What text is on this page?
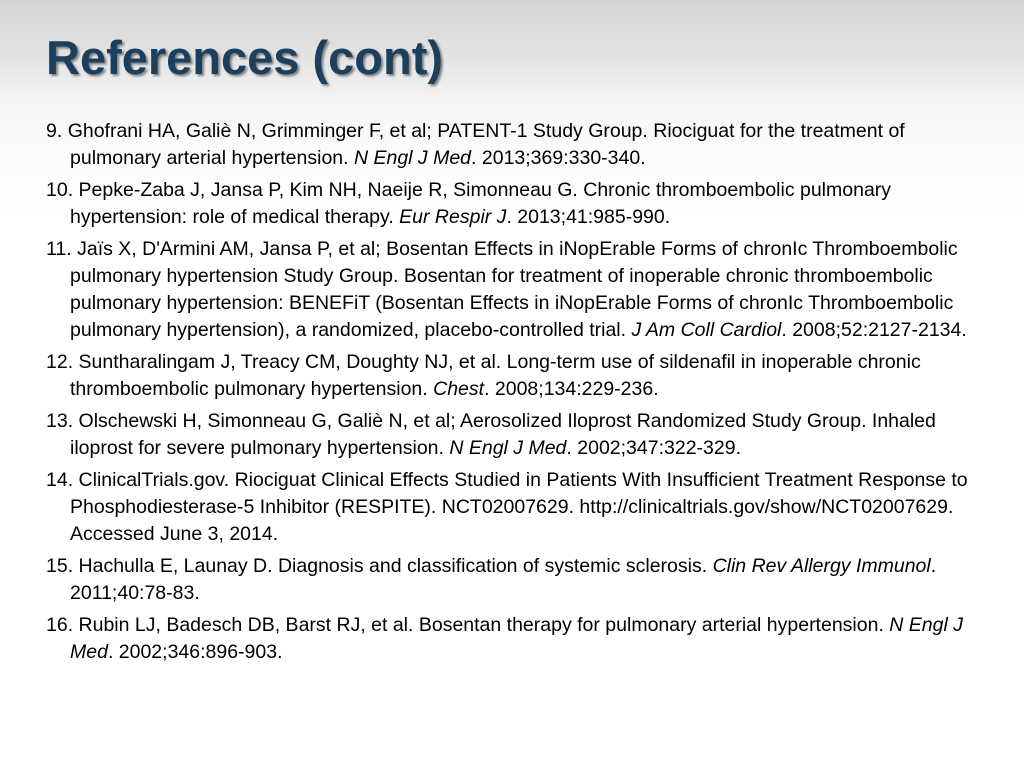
References (cont)
9. Ghofrani HA, Galiè N, Grimminger F, et al; PATENT-1 Study Group. Riociguat for the treatment of pulmonary arterial hypertension. N Engl J Med. 2013;369:330-340.
10. Pepke-Zaba J, Jansa P, Kim NH, Naeije R, Simonneau G. Chronic thromboembolic pulmonary hypertension: role of medical therapy. Eur Respir J. 2013;41:985-990.
11. Jaïs X, D'Armini AM, Jansa P, et al; Bosentan Effects in iNopErable Forms of chronIc Thromboembolic pulmonary hypertension Study Group. Bosentan for treatment of inoperable chronic thromboembolic pulmonary hypertension: BENEFiT (Bosentan Effects in iNopErable Forms of chronIc Thromboembolic pulmonary hypertension), a randomized, placebo-controlled trial. J Am Coll Cardiol. 2008;52:2127-2134.
12. Suntharalingam J, Treacy CM, Doughty NJ, et al. Long-term use of sildenafil in inoperable chronic thromboembolic pulmonary hypertension. Chest. 2008;134:229-236.
13. Olschewski H, Simonneau G, Galiè N, et al; Aerosolized Iloprost Randomized Study Group. Inhaled iloprost for severe pulmonary hypertension. N Engl J Med. 2002;347:322-329.
14. ClinicalTrials.gov. Riociguat Clinical Effects Studied in Patients With Insufficient Treatment Response to Phosphodiesterase-5 Inhibitor (RESPITE). NCT02007629. http://clinicaltrials.gov/show/NCT02007629. Accessed June 3, 2014.
15. Hachulla E, Launay D. Diagnosis and classification of systemic sclerosis. Clin Rev Allergy Immunol. 2011;40:78-83.
16. Rubin LJ, Badesch DB, Barst RJ, et al. Bosentan therapy for pulmonary arterial hypertension. N Engl J Med. 2002;346:896-903.
